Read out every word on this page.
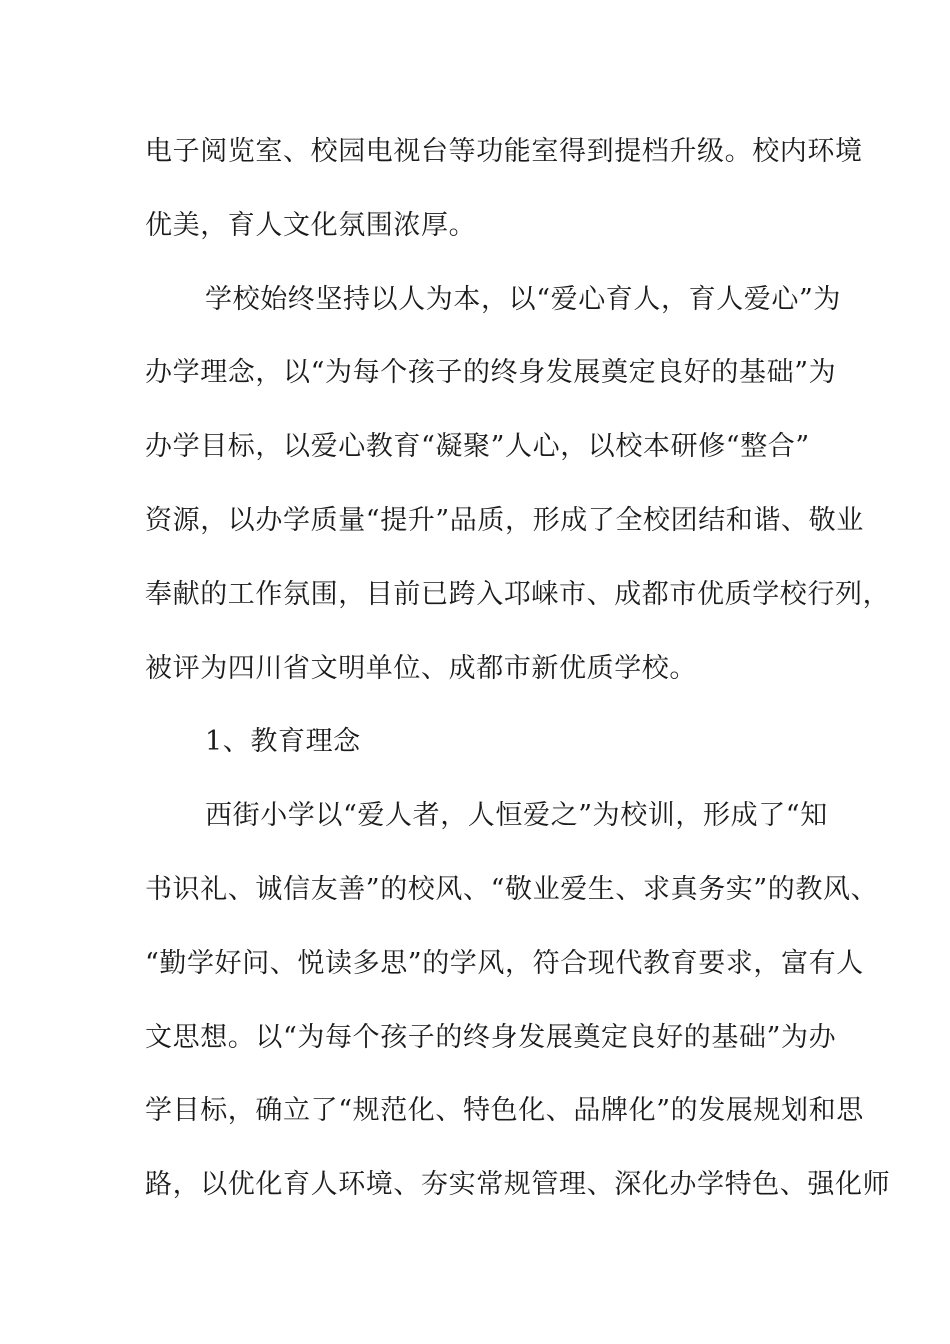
电子阅览室、校园电视台等功能室得到提档升级。校内环境
优美，育人文化氛围浓厚。
学校始终坚持以人为本，以“爱心育人，育人爱心”为
办学理念，以“为每个孩子的终身发展奠定良好的基础”为
办学目标，以爱心教育“凝聚”人心，以校本研修“整合”
资源，以办学质量“提升”品质，形成了全校团结和谐、敬业
奉献的工作氛围，目前已跨入邛崃市、成都市优质学校行列，
被评为四川省文明单位、成都市新优质学校。
1、教育理念
西街小学以“爱人者，人恒爱之”为校训，形成了“知
书识礼、诚信友善”的校风、“敬业爱生、求真务实”的教风、
“勤学好问、悦读多思”的学风，符合现代教育要求，富有人
文思想。以“为每个孩子的终身发展奠定良好的基础”为办
学目标，确立了“规范化、特色化、品牌化”的发展规划和思
路，以优化育人环境、夯实常规管理、深化办学特色、强化师
